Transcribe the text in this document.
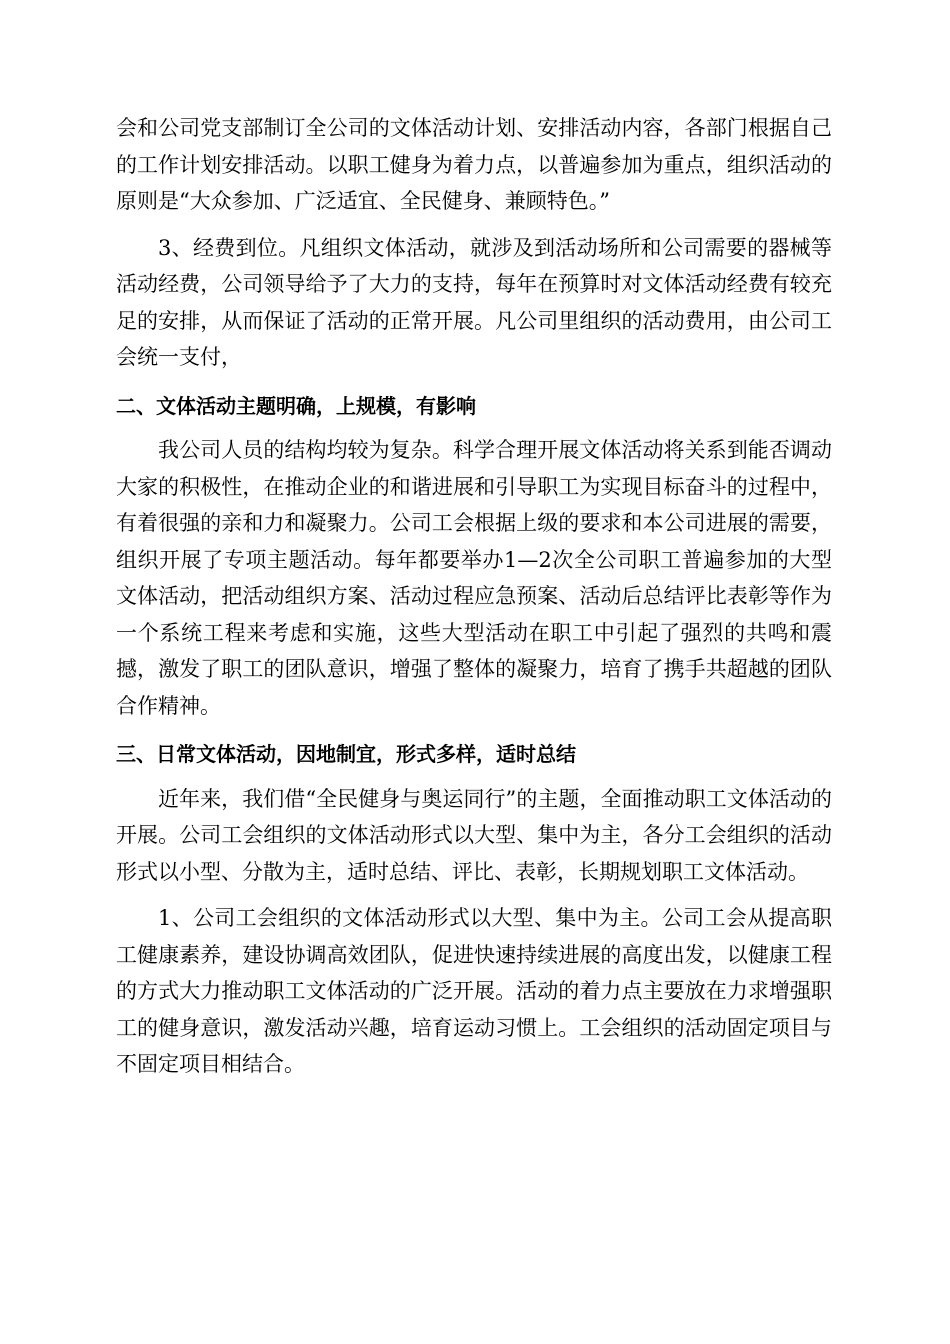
会和公司党支部制订全公司的文体活动计划、安排活动内容，各部门根据自己的工作计划安排活动。以职工健身为着力点，以普遍参加为重点，组织活动的原则是“大众参加、广泛适宜、全民健身、兼顾特色。”

3、经费到位。凡组织文体活动，就涉及到活动场所和公司需要的器械等活动经费，公司领导给予了大力的支持，每年在预算时对文体活动经费有较充足的安排，从而保证了活动的正常开展。凡公司里组织的活动费用，由公司工会统一支付，

二、文体活动主题明确，上规模，有影响

我公司人员的结构均较为复杂。科学合理开展文体活动将关系到能否调动大家的积极性，在推动企业的和谐进展和引导职工为实现目标奋斗的过程中，有着很强的亲和力和凝聚力。公司工会根据上级的要求和本公司进展的需要，组织开展了专项主题活动。每年都要举办1—2次全公司职工普遍参加的大型文体活动，把活动组织方案、活动过程应急预案、活动后总结评比表彰等作为一个系统工程来考虑和实施，这些大型活动在职工中引起了强烈的共鸣和震撼，激发了职工的团队意识，增强了整体的凝聚力，培育了携手共超越的团队合作精神。

三、日常文体活动，因地制宜，形式多样，适时总结

近年来，我们借“全民健身与奥运同行”的主题，全面推动职工文体活动的开展。公司工会组织的文体活动形式以大型、集中为主，各分工会组织的活动形式以小型、分散为主，适时总结、评比、表彰，长期规划职工文体活动。

1、公司工会组织的文体活动形式以大型、集中为主。公司工会从提高职工健康素养，建设协调高效团队，促进快速持续进展的高度出发，以健康工程的方式大力推动职工文体活动的广泛开展。活动的着力点主要放在力求增强职工的健身意识，激发活动兴趣，培育运动习惯上。工会组织的活动固定项目与不固定项目相结合。
